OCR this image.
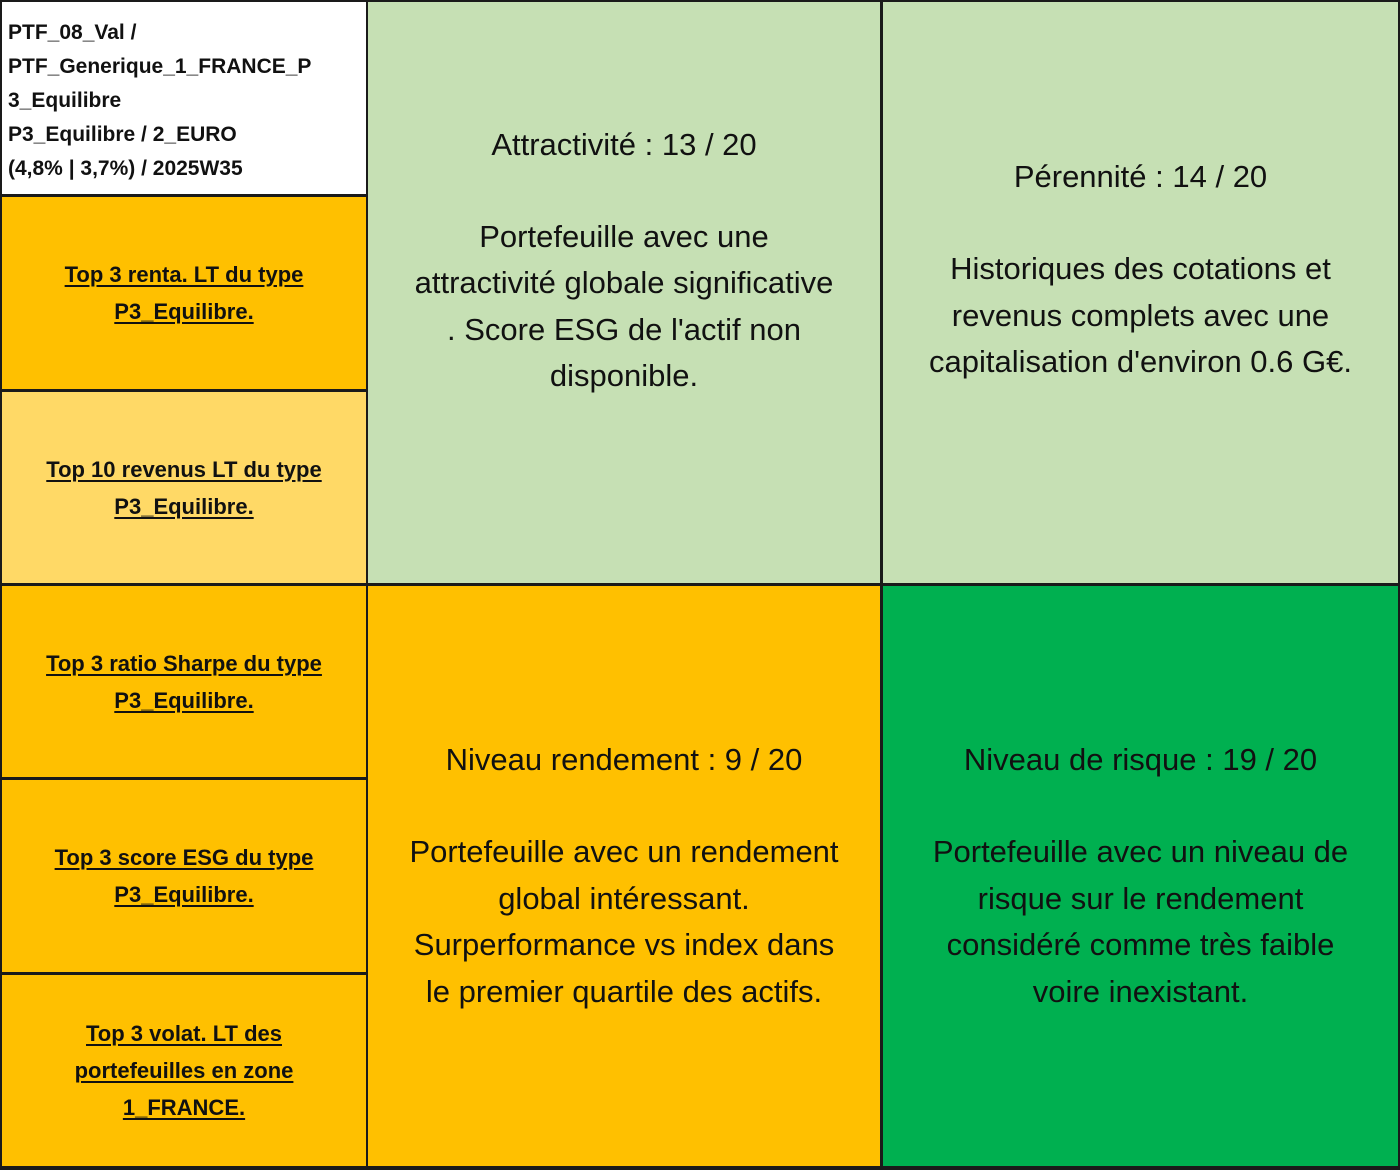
PTF_08_Val /
PTF_Generique_1_FRANCE_P
3_Equilibre
P3_Equilibre / 2_EURO
(4,8% | 3,7%) / 2025W35
Top 3 renta. LT du type
P3_Equilibre.
Top 10 revenus LT du type
P3_Equilibre.
Top 3 ratio Sharpe du type
P3_Equilibre.
Top 3 score ESG du type
P3_Equilibre.
Top 3 volat. LT des
portefeuilles en zone
1_FRANCE.
Attractivité : 13 / 20
Portefeuille avec une
attractivité globale significative
. Score ESG de l'actif non
disponible.
Pérennité : 14 / 20
Historiques des cotations et
revenus complets avec une
capitalisation d'environ 0.6 G€.
Niveau rendement : 9 / 20
Portefeuille avec un rendement
global intéressant.
Surperformance vs index dans
le premier quartile des actifs.
Niveau de risque : 19 / 20
Portefeuille avec un niveau de
risque sur le rendement
considéré comme très faible
voire inexistant.
